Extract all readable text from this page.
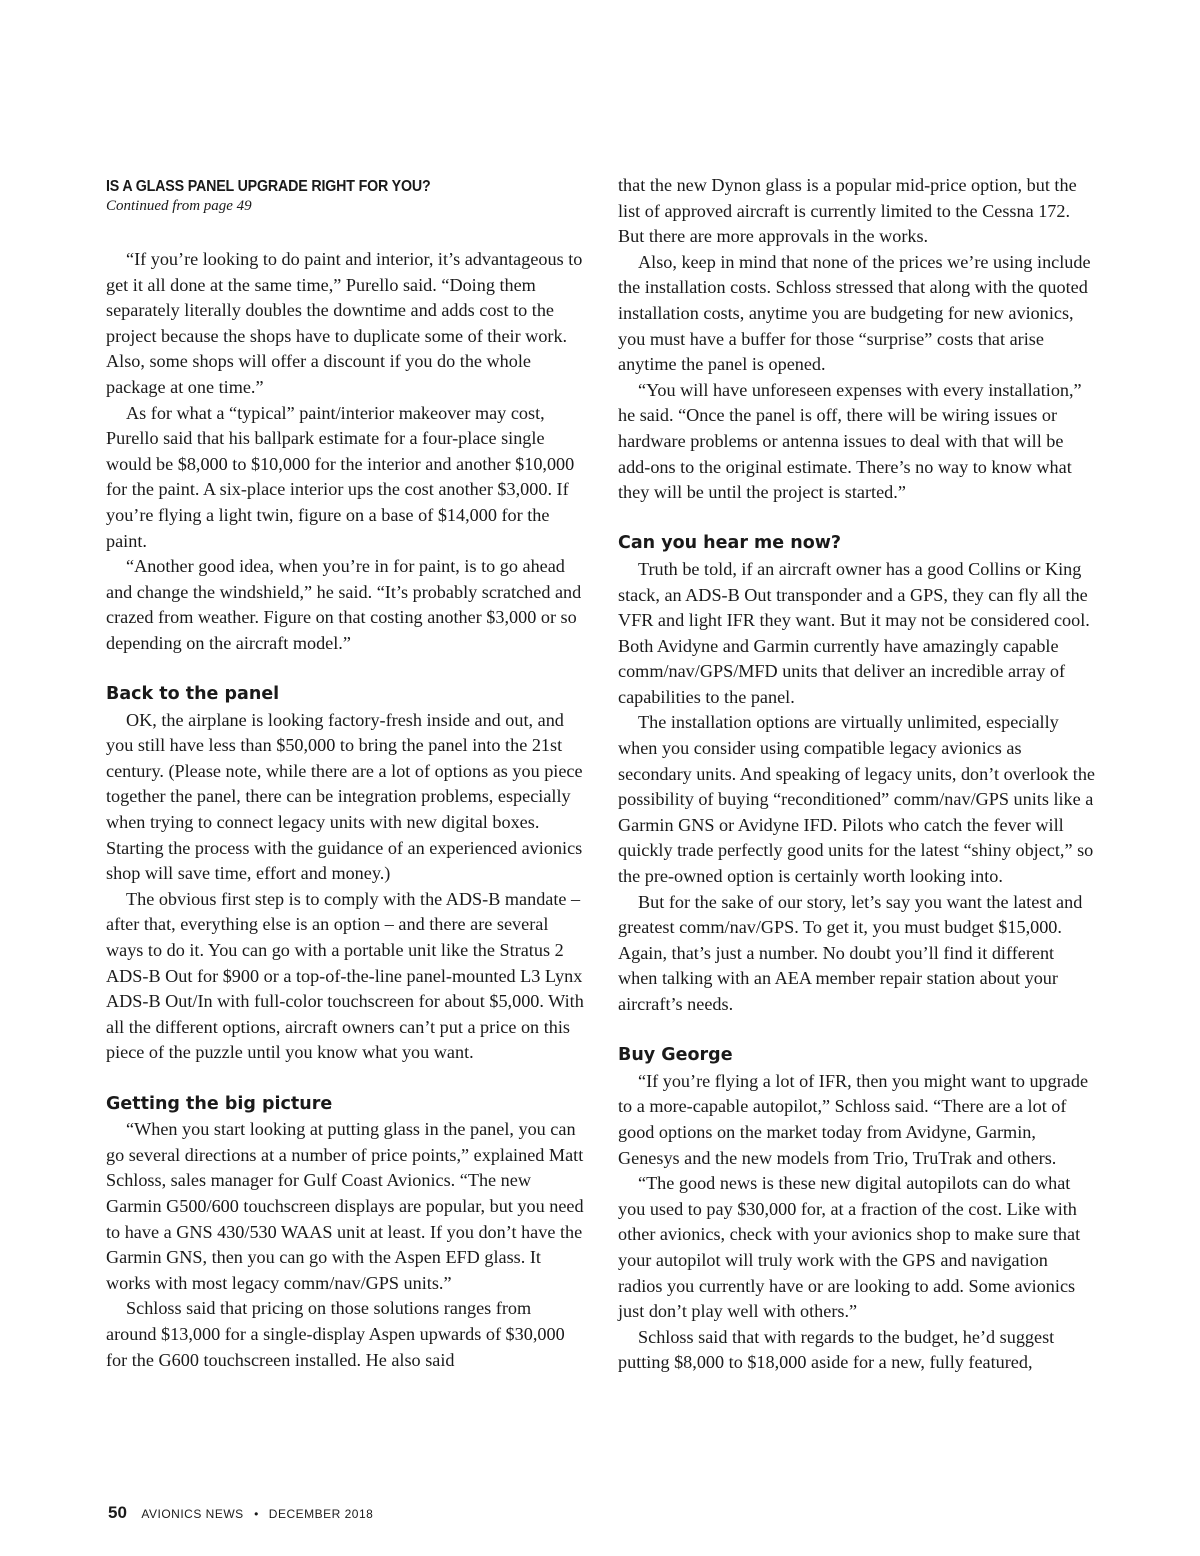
IS A GLASS PANEL UPGRADE RIGHT FOR YOU?
Continued from page 49

“If you’re looking to do paint and interior, it’s advantageous to get it all done at the same time,” Purello said. “Doing them separately literally doubles the downtime and adds cost to the project because the shops have to duplicate some of their work. Also, some shops will offer a discount if you do the whole package at one time.”

As for what a “typical” paint/interior makeover may cost, Purello said that his ballpark estimate for a four-place single would be $8,000 to $10,000 for the interior and another $10,000 for the paint. A six-place interior ups the cost another $3,000. If you’re flying a light twin, figure on a base of $14,000 for the paint.

“Another good idea, when you’re in for paint, is to go ahead and change the windshield,” he said. “It’s probably scratched and crazed from weather. Figure on that costing another $3,000 or so depending on the aircraft model.”

Back to the panel

OK, the airplane is looking factory-fresh inside and out, and you still have less than $50,000 to bring the panel into the 21st century. (Please note, while there are a lot of options as you piece together the panel, there can be integration problems, especially when trying to connect legacy units with new digital boxes. Starting the process with the guidance of an experienced avionics shop will save time, effort and money.)

The obvious first step is to comply with the ADS-B mandate – after that, everything else is an option – and there are several ways to do it. You can go with a portable unit like the Stratus 2 ADS-B Out for $900 or a top-of-the-line panel-mounted L3 Lynx ADS-B Out/In with full-color touchscreen for about $5,000. With all the different options, aircraft owners can’t put a price on this piece of the puzzle until you know what you want.

Getting the big picture

“When you start looking at putting glass in the panel, you can go several directions at a number of price points,” explained Matt Schloss, sales manager for Gulf Coast Avionics. “The new Garmin G500/600 touchscreen displays are popular, but you need to have a GNS 430/530 WAAS unit at least. If you don’t have the Garmin GNS, then you can go with the Aspen EFD glass. It works with most legacy comm/nav/GPS units.”

Schloss said that pricing on those solutions ranges from around $13,000 for a single-display Aspen upwards of $30,000 for the G600 touchscreen installed. He also said

that the new Dynon glass is a popular mid-price option, but the list of approved aircraft is currently limited to the Cessna 172. But there are more approvals in the works.

Also, keep in mind that none of the prices we’re using include the installation costs. Schloss stressed that along with the quoted installation costs, anytime you are budgeting for new avionics, you must have a buffer for those “surprise” costs that arise anytime the panel is opened.

“You will have unforeseen expenses with every installation,” he said. “Once the panel is off, there will be wiring issues or hardware problems or antenna issues to deal with that will be add-ons to the original estimate. There’s no way to know what they will be until the project is started.”

Can you hear me now?

Truth be told, if an aircraft owner has a good Collins or King stack, an ADS-B Out transponder and a GPS, they can fly all the VFR and light IFR they want. But it may not be considered cool. Both Avidyne and Garmin currently have amazingly capable comm/nav/GPS/MFD units that deliver an incredible array of capabilities to the panel.

The installation options are virtually unlimited, especially when you consider using compatible legacy avionics as secondary units. And speaking of legacy units, don’t overlook the possibility of buying “reconditioned” comm/nav/GPS units like a Garmin GNS or Avidyne IFD. Pilots who catch the fever will quickly trade perfectly good units for the latest “shiny object,” so the pre-owned option is certainly worth looking into.

But for the sake of our story, let’s say you want the latest and greatest comm/nav/GPS. To get it, you must budget $15,000. Again, that’s just a number. No doubt you’ll find it different when talking with an AEA member repair station about your aircraft’s needs.

Buy George

“If you’re flying a lot of IFR, then you might want to upgrade to a more-capable autopilot,” Schloss said. “There are a lot of good options on the market today from Avidyne, Garmin, Genesys and the new models from Trio, TruTrak and others.

“The good news is these new digital autopilots can do what you used to pay $30,000 for, at a fraction of the cost. Like with other avionics, check with your avionics shop to make sure that your autopilot will truly work with the GPS and navigation radios you currently have or are looking to add. Some avionics just don’t play well with others.”

Schloss said that with regards to the budget, he’d suggest putting $8,000 to $18,000 aside for a new, fully featured,

50 AVIONICS NEWS • DECEMBER 2018
